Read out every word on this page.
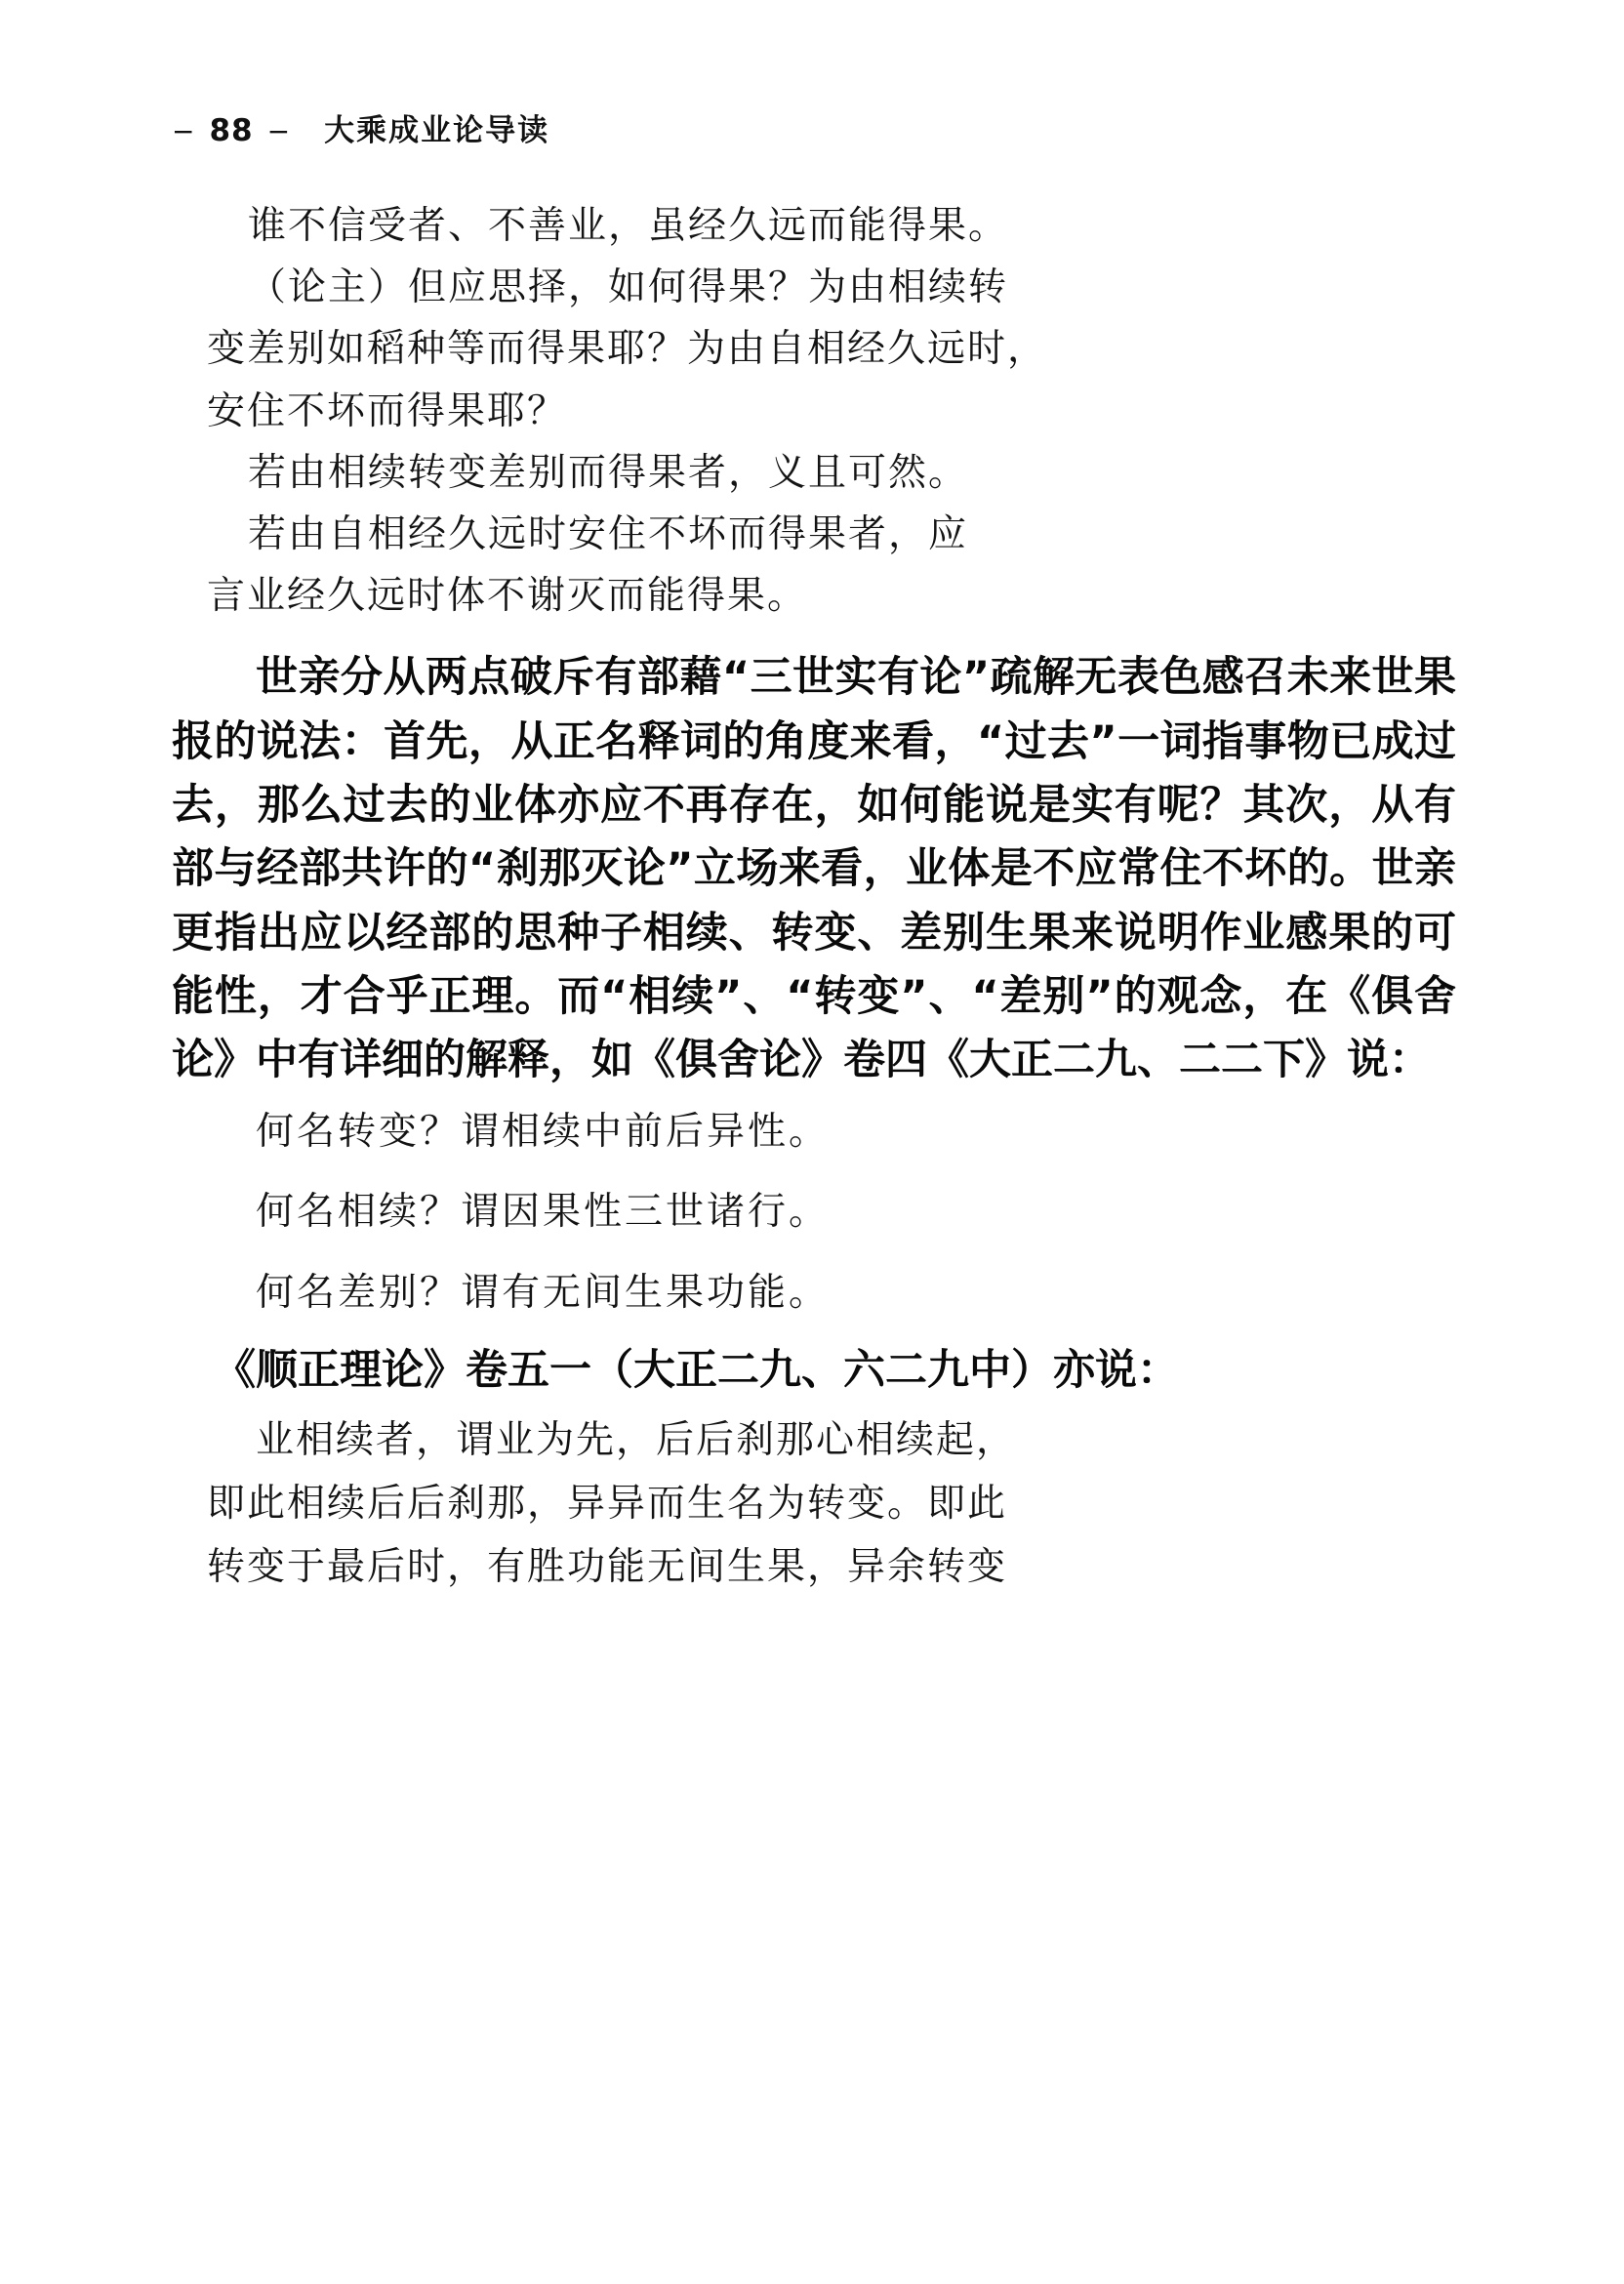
− 88 − 大乘成业论导读

谁不信受者、不善业，虽经久远而能得果。

（论主）但应思择，如何得果？为由相续转

变差别如稻种等而得果耶？为由自相经久远时，

安住不坏而得果耶？

若由相续转变差别而得果者，义且可然。

若由自相经久远时安住不坏而得果者，应

言业经久远时体不谢灭而能得果。

世亲分从两点破斥有部藉“三世实有论”疏解无表色感召未来世果报的说法：首先，从正名释词的角度来看，“过去”一词指事物已成过去，那么过去的业体亦应不再存在，如何能说是实有呢？其次，从有部与经部共许的“刹那灭论”立场来看，业体是不应常住不坏的。世亲更指出应以经部的思种子相续、转变、差别生果来说明作业感果的可能性，才合乎正理。而“相续”、“转变”、“差别”的观念，在《俱舍论》中有详细的解释，如《俱舍论》卷四《大正二九、二二下》说：

何名转变？谓相续中前后异性。

何名相续？谓因果性三世诸行。

何名差别？谓有无间生果功能。

《顺正理论》卷五一（大正二九、六二九中）亦说：

业相续者，谓业为先，后后刹那心相续起，

即此相续后后刹那，异异而生名为转变。即此

转变于最后时，有胜功能无间生果，异余转变
